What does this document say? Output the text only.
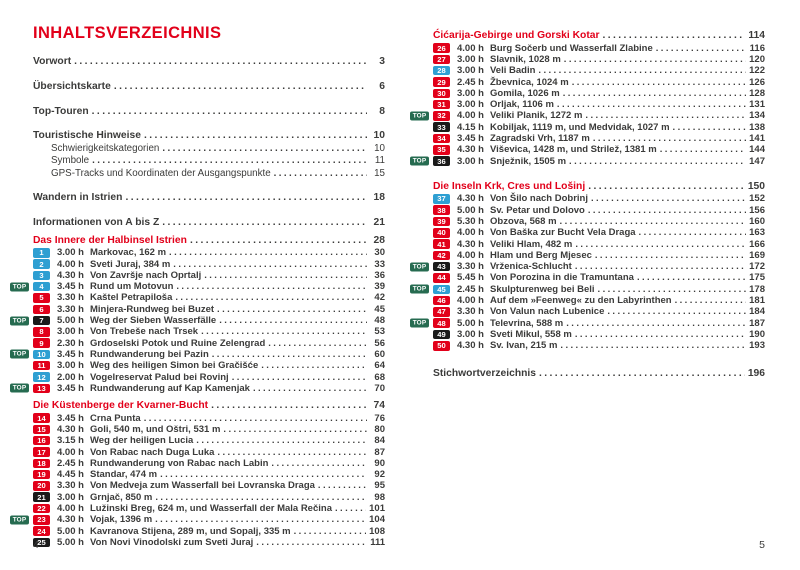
INHALTSVERZEICHNIS
Vorwort .....	3
Übersichtskarte .....	6
Top-Touren .....	8
Touristische Hinweise .....	10
Schwierigkeitskategorien .....	10
Symbole .....	11
GPS-Tracks und Koordinaten der Ausgangspunkte .....	15
Wandern in Istrien .....	18
Informationen von A bis Z .....	21
Das Innere der Halbinsel Istrien .....	28
1	3.00 h Markovac, 162 m .....	30
2	4.00 h Sveti Juraj, 384 m .....	33
3	4.30 h Von Završje nach Oprtalj .....	36
TOP	4	3.45 h Rund um Motovun .....	39
5	3.30 h Kaštel Petrapiloša .....	42
6	3.30 h Minjera-Rundweg bei Buzet .....	45
TOP	7	5.00 h Weg der Sieben Wasserfälle .....	48
8	3.00 h Von Trebeše nach Trsek .....	53
9	2.30 h Grdoselski Potok und Ruine Zelengrad .....	56
TOP	10	3.45 h Rundwanderung bei Pazin .....	60
11	3.00 h Weg des heiligen Simon bei Gračišće .....	64
12	2.00 h Vogelreservat Palud bei Rovinj .....	68
TOP	13	3.45 h Rundwanderung auf Kap Kamenjak .....	70
Die Küstenberge der Kvarner-Bucht .....	74
14	3.45 h Crna Punta .....	76
15	4.30 h Goli, 540 m, und Oštri, 531 m .....	80
16	3.15 h Weg der heiligen Lucia .....	84
17	4.00 h Von Rabac nach Duga Luka .....	87
18	2.45 h Rundwanderung von Rabac nach Labin .....	90
19	4.45 h Standar, 474 m .....	92
20	3.30 h Von Medveja zum Wasserfall bei Lovranska Draga .....	95
21	3.00 h Grnjač, 850 m .....	98
22	4.00 h Lužinski Breg, 624 m, und Wasserfall der Mala Rečina .....	101
TOP	23	4.30 h Vojak, 1396 m .....	104
24	5.00 h Kavranova Stijena, 289 m, und Sopalj, 335 m .....	108
25	5.00 h Von Novi Vinodolski zum Sveti Juraj .....	111
Ćićarija-Gebirge und Gorski Kotar .....	114
26	4.00 h Burg Sočerb und Wasserfall Zlabine .....	116
27	3.00 h Slavnik, 1028 m .....	120
28	3.00 h Veli Badin .....	122
29	2.45 h Žbevnica, 1024 m .....	126
30	3.00 h Gomila, 1026 m .....	128
31	3.00 h Orljak, 1106 m .....	131
TOP	32	4.00 h Veliki Planik, 1272 m .....	134
33	4.15 h Kobiljak, 1119 m, und Medvidak, 1027 m .....	138
34	3.45 h Zagradski Vrh, 1187 m .....	141
35	4.30 h Viševica, 1428 m, und Strilež, 1381 m .....	144
TOP	36	3.00 h Snježnik, 1505 m .....	147
Die Inseln Krk, Cres und Lošinj .....	150
37	4.30 h Von Šilo nach Dobrinj .....	152
38	5.00 h Sv. Petar und Dolovo .....	156
39	5.30 h Obzova, 568 m .....	160
40	4.00 h Von Baška zur Bucht Vela Draga .....	163
41	4.30 h Veliki Hlam, 482 m .....	166
42	4.00 h Hlam und Berg Mjesec .....	169
TOP	43	3.30 h Vrženica-Schlucht .....	172
44	5.45 h Von Porozina in die Tramuntana .....	175
TOP	45	2.45 h Skulpturenweg bei Beli .....	178
46	4.00 h Auf dem »Feenweg« zu den Labyrinthen .....	181
47	3.30 h Von Valun nach Lubenice .....	184
TOP	48	5.00 h Televrina, 588 m .....	187
49	3.00 h Sveti Mikul, 558 m .....	190
50	4.30 h Sv. Ivan, 215 m .....	193
Stichwortverzeichnis .....	196
4	5
